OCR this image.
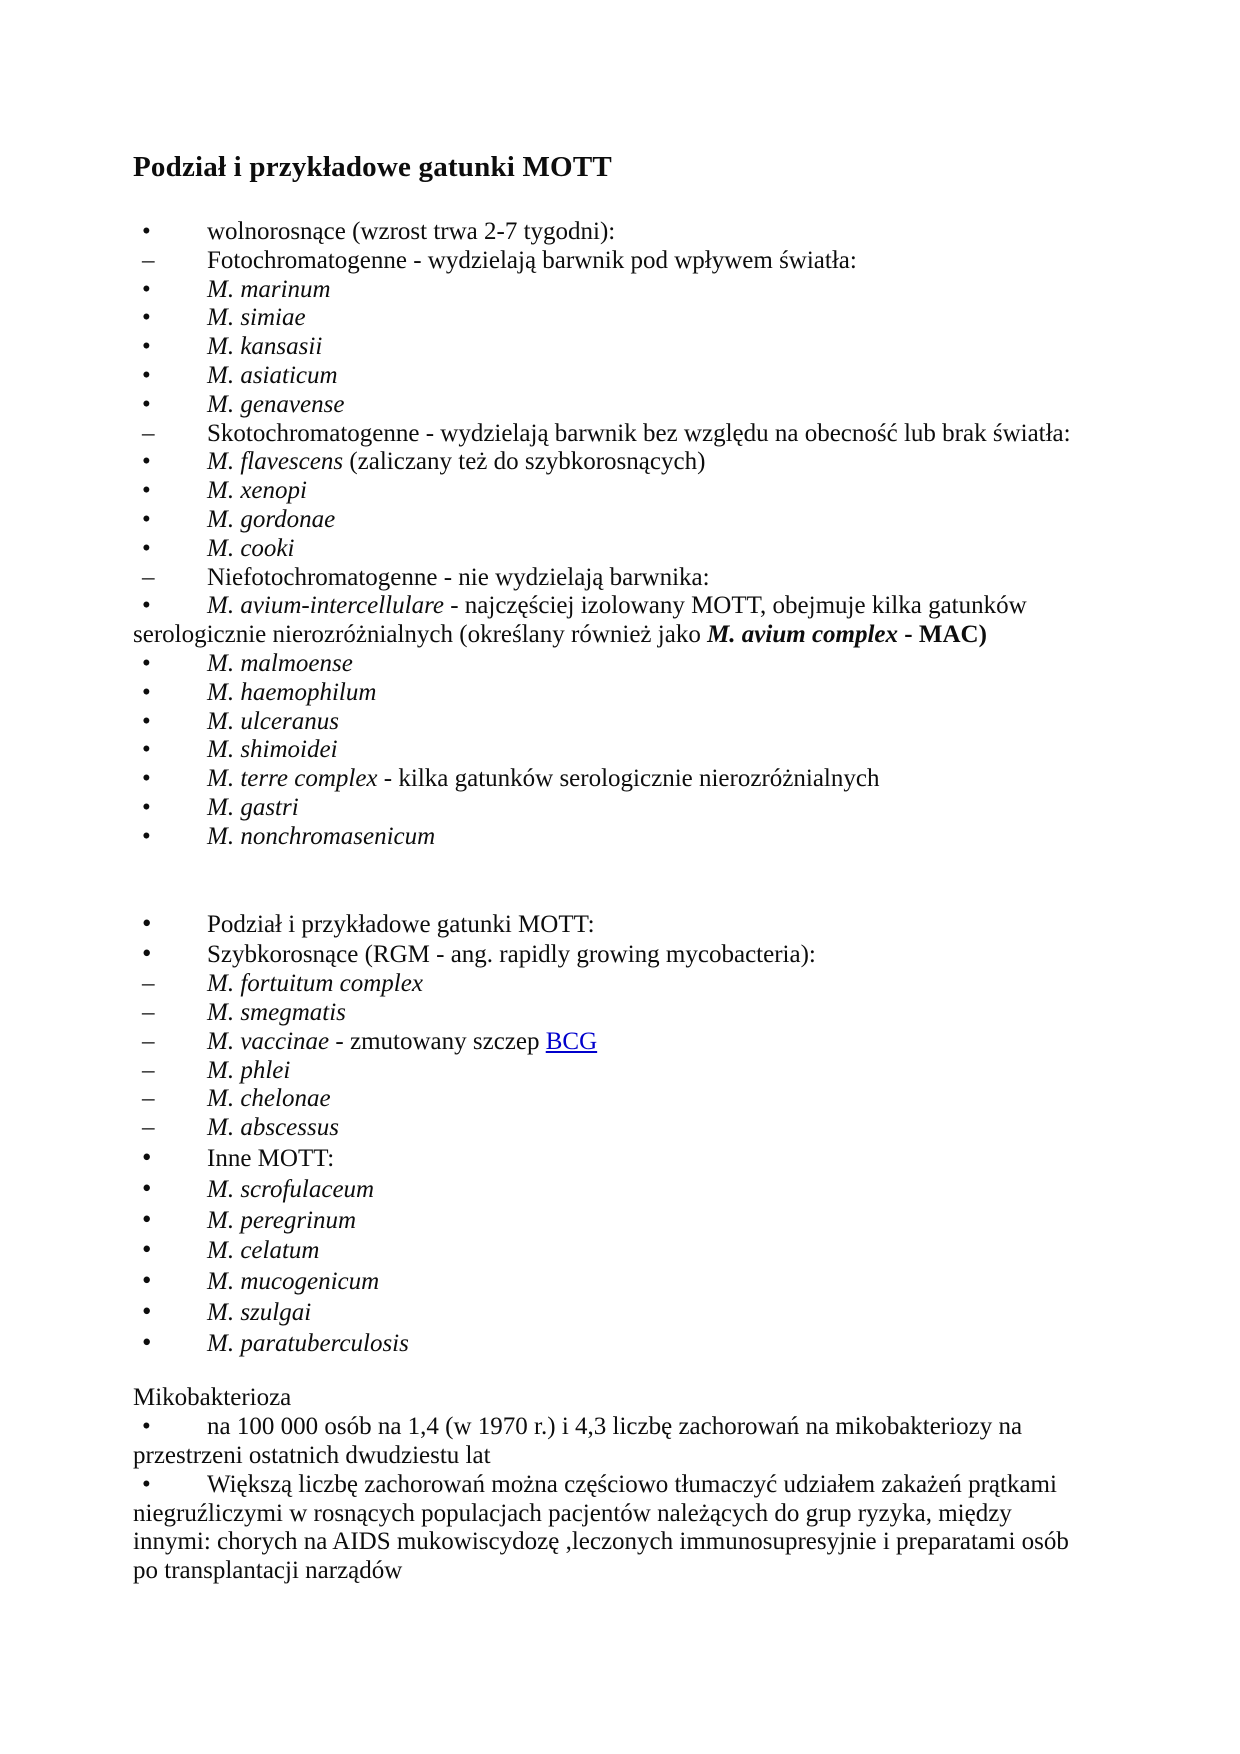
Podział i przykładowe gatunki MOTT
• wolnorosnące (wzrost trwa 2-7 tygodni):
– Fotochromatogenne - wydzielają barwnik pod wpływem światła:
• M. marinum
• M. simiae
• M. kansasii
• M. asiaticum
• M. genavense
– Skotochromatogenne - wydzielają barwnik bez względu na obecność lub brak światła:
• M. flavescens (zaliczany też do szybkorosnących)
• M. xenopi
• M. gordonae
• M. cooki
– Niefotochromatogenne - nie wydzielają barwnika:
• M. avium-intercellulare - najczęściej izolowany MOTT, obejmuje kilka gatunków
serologicznie nierozróżnialnych (określany również jako M. avium complex - MAC)
• M. malmoense
• M. haemophilum
• M. ulceranus
• M. shimoidei
• M. terre complex - kilka gatunków serologicznie nierozróżnialnych
• M. gastri
• M. nonchromasenicum
• Podział i przykładowe gatunki MOTT:
• Szybkorosnące (RGM - ang. rapidly growing mycobacteria):
– M. fortuitum complex
– M. smegmatis
– M. vaccinae - zmutowany szczep BCG
– M. phlei
– M. chelonae
– M. abscessus
• Inne MOTT:
• M. scrofulaceum
• M. peregrinum
• M. celatum
• M. mucogenicum
• M. szulgai
• M. paratuberculosis
Mikobakterioza
• na 100 000 osób na 1,4 (w 1970 r.) i 4,3 liczbę zachorowań na mikobakteriozy na
przestrzeni ostatnich dwudziestu lat
• Większą liczbę zachorowań można częściowo tłumaczyć udziałem zakażeń prątkami
niegruźliczymi w rosnących populacjach pacjentów należących do grup ryzyka, między
innymi: chorych na AIDS mukowiscydozę ,leczonych immunosupresyjnie i preparatami osób
po transplantacji narządów
